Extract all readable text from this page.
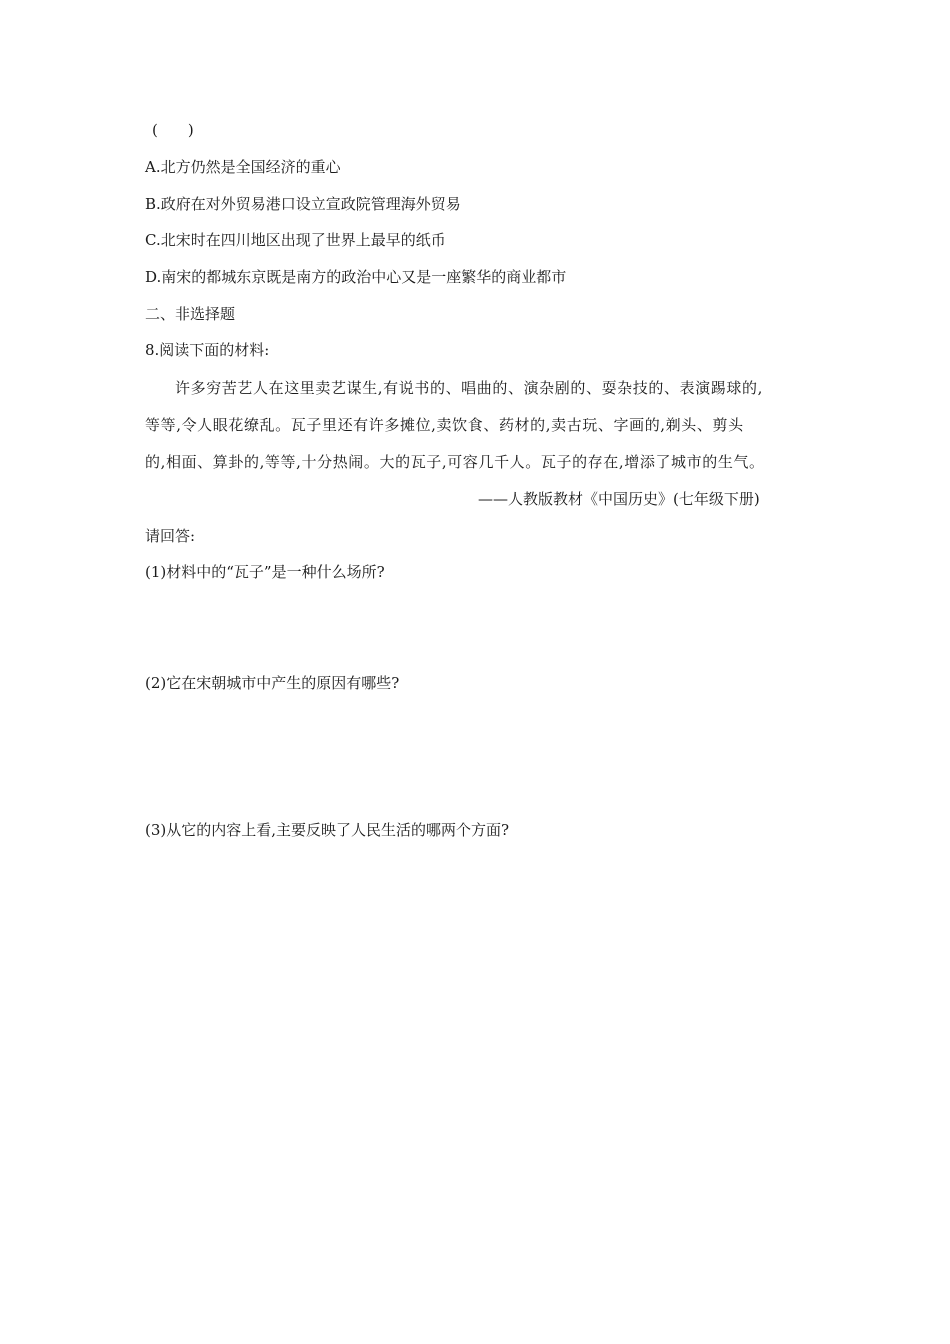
(　　)
A.北方仍然是全国经济的重心
B.政府在对外贸易港口设立宣政院管理海外贸易
C.北宋时在四川地区出现了世界上最早的纸币
D.南宋的都城东京既是南方的政治中心又是一座繁华的商业都市
二、非选择题
8.阅读下面的材料:
许多穷苦艺人在这里卖艺谋生,有说书的、唱曲的、演杂剧的、耍杂技的、表演踢球的,
等等,令人眼花缭乱。瓦子里还有许多摊位,卖饮食、药材的,卖古玩、字画的,剃头、剪头
的,相面、算卦的,等等,十分热闹。大的瓦子,可容几千人。瓦子的存在,增添了城市的生气。
——人教版教材《中国历史》(七年级下册)
请回答:
(1)材料中的“瓦子”是一种什么场所?
(2)它在宋朝城市中产生的原因有哪些?
(3)从它的内容上看,主要反映了人民生活的哪两个方面?
